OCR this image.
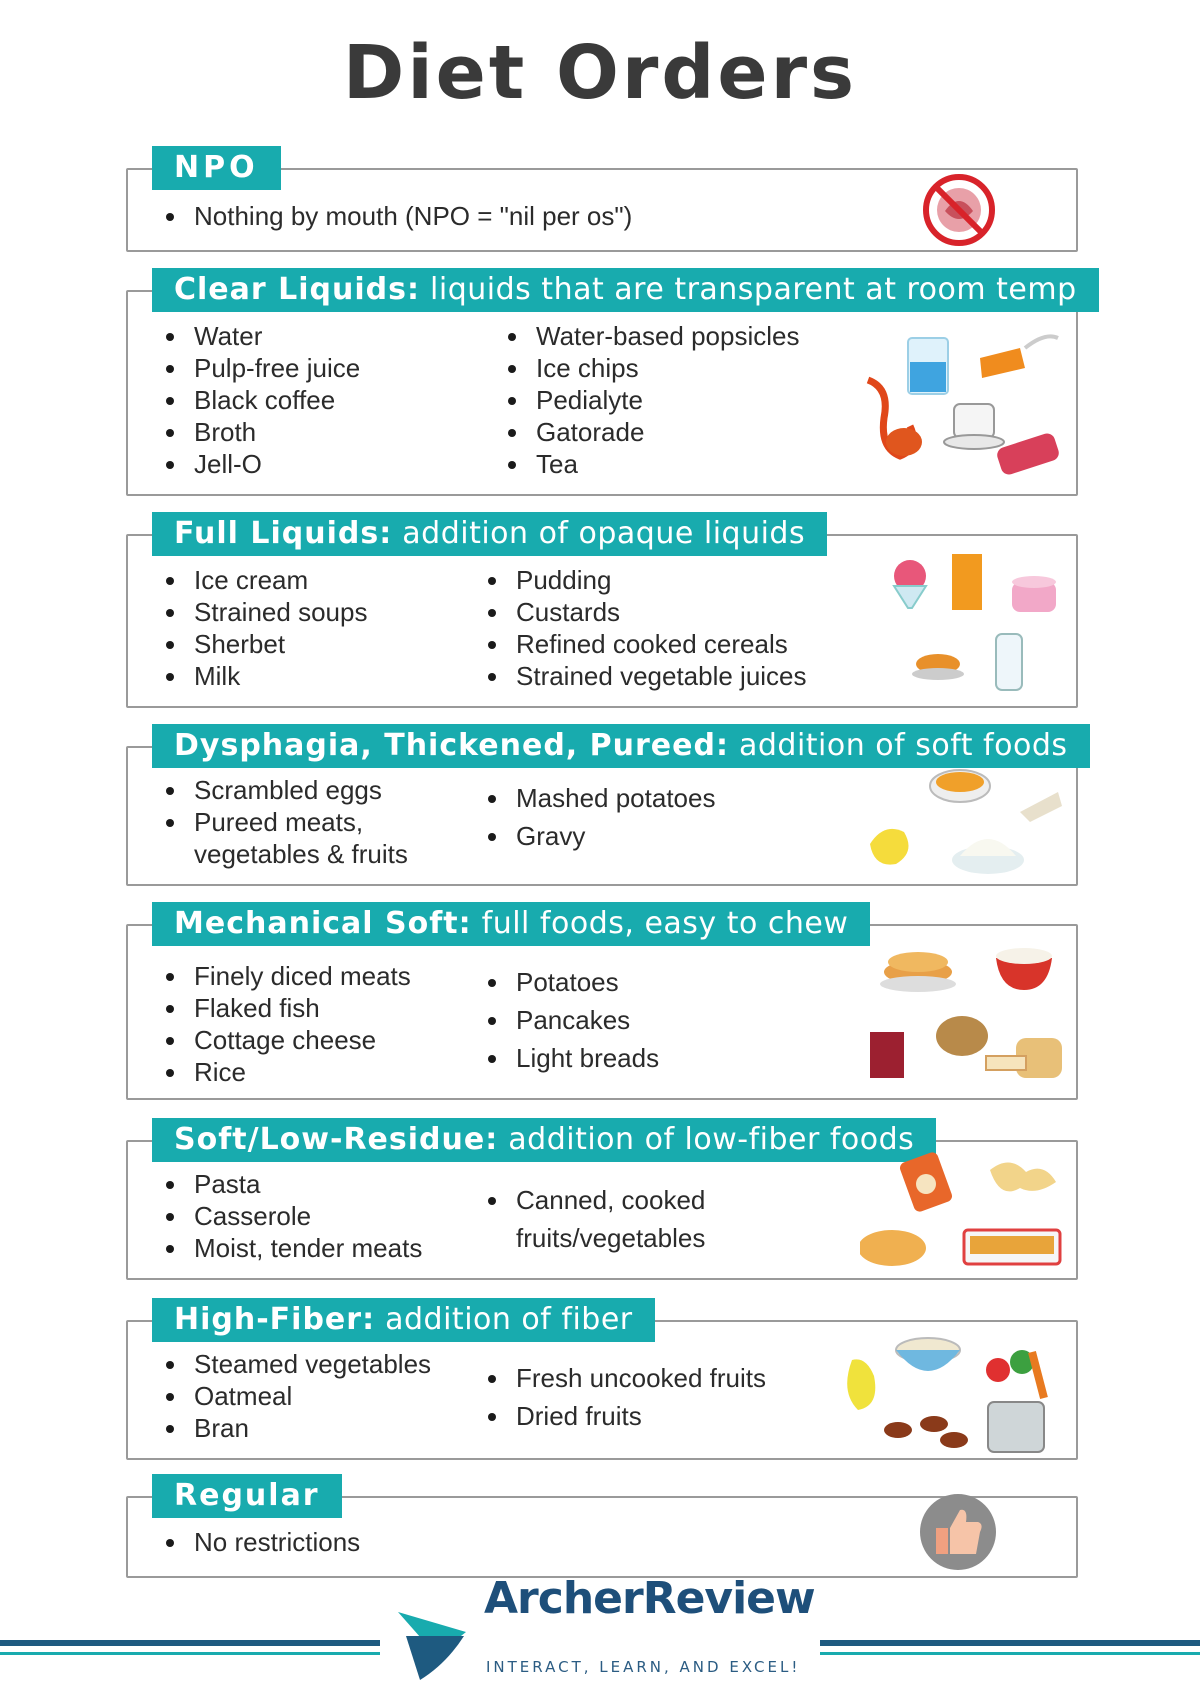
Diet Orders
NPO
Nothing by mouth (NPO = "nil per os")
Clear Liquids: liquids that are transparent at room temp
Water
Pulp-free juice
Black coffee
Broth
Jell-O
Water-based popsicles
Ice chips
Pedialyte
Gatorade
Tea
Full Liquids: addition of opaque liquids
Ice cream
Strained soups
Sherbet
Milk
Pudding
Custards
Refined cooked cereals
Strained vegetable juices
Dysphagia, Thickened, Pureed: addition of soft foods
Scrambled eggs
Pureed meats,
vegetables & fruits
Mashed potatoes
Gravy
Mechanical Soft: full foods, easy to chew
Finely diced meats
Flaked fish
Cottage cheese
Rice
Potatoes
Pancakes
Light breads
Soft/Low-Residue: addition of low-fiber foods
Pasta
Casserole
Moist, tender meats
Canned, cooked
fruits/vegetables
High-Fiber: addition of fiber
Steamed vegetables
Oatmeal
Bran
Fresh uncooked fruits
Dried fruits
Regular
No restrictions
ArcherReview
INTERACT, LEARN, AND EXCEL!
